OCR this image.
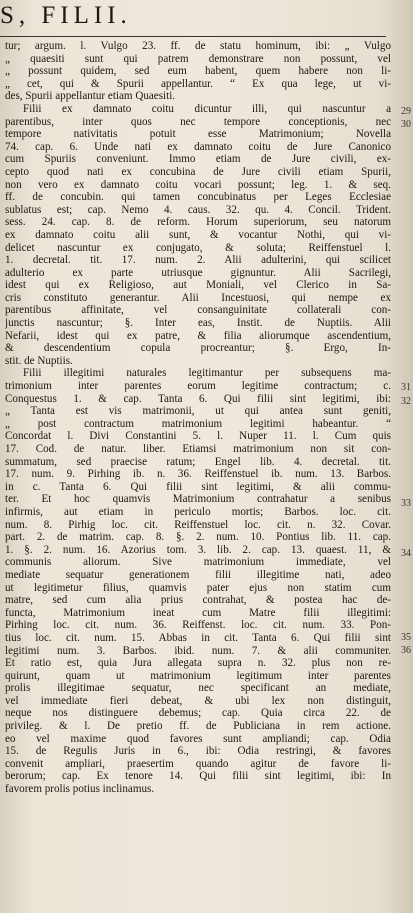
S, FILII.
tur; argum. l. Vulgo 23. ff. de statu hominum, ibi: „ Vulgo
„ quaesiti sunt qui patrem demonstrare non possunt, vel
„ possunt quidem, sed eum habent, quem habere non li-
„ cet, qui & Spurii appellantur. “ Ex qua lege, ut vi-
des, Spurii appellantur etiam Quaesiti.
Filii ex damnato coitu dicuntur illi, qui nascuntur a
parentibus, inter quos nec tempore conceptionis, nec
tempore nativitatis potuit esse Matrimonium; Novella
74. cap. 6. Unde nati ex damnato coitu de Jure Canonico
cum Spuriis conveniunt. Immo etiam de Jure civili, ex-
cepto quod nati ex concubina de Jure civili etiam Spurii,
non vero ex damnato coitu vocari possunt; leg. 1. & seq.
ff. de concubin. qui tamen concubinatus per Leges Ecclesiae
sublatus est; cap. Nemo 4. caus. 32. qu. 4. Concil. Trident.
sess. 24. cap. 8. de reform. Horum superiorum, seu natorum
ex damnato coitu alii sunt, & vocantur Nothi, qui vi-
delicet nascuntur ex conjugato, & soluta; Reiffenstuel l.
1. decretal. tit. 17. num. 2. Alii adulterini, qui scilicet
adulterio ex parte utriusque gignuntur. Alii Sacrilegi,
idest qui ex Religioso, aut Moniali, vel Clerico in Sa-
cris constituto generantur. Alii Incestuosi, qui nempe ex
parentibus affinitate, vel consanguinitate collaterali con-
junctis nascuntur; §. Inter eas, Instit. de Nuptiis. Alii
Nefarii, idest qui ex patre, & filia aliorumque ascendentium,
& descendentium copula procreantur; §. Ergo, In-
stit. de Nuptiis.
Filii illegitimi naturales legitimantur per subsequens ma-
trimonium inter parentes eorum legitime contractum; c.
Conquestus 1. & cap. Tanta 6. Qui filii sint legitimi, ibi:
„ Tanta est vis matrimonii, ut qui antea sunt geniti,
„ post contractum matrimonium legitimi habeantur. “
Concordat l. Divi Constantini 5. l. Nuper 11. l. Cum quis
17. Cod. de natur. liber. Etiamsi matrimonium non sit con-
summatum, sed praecise ratum; Engel lib. 4. decretal. tit.
17. num. 9. Pirhing ib. n. 36. Reiffenstuel ib. num. 13. Barbos.
in c. Tanta 6. Qui filii sint legitimi, & alii commu-
ter. Et hoc quamvis Matrimonium contrahatur a senibus
infirmis, aut etiam in periculo mortis; Barbos. loc. cit.
num. 8. Pirhig loc. cit. Reiffenstuel loc. cit. n. 32. Covar.
part. 2. de matrim. cap. 8. §. 2. num. 10. Pontius lib. 11. cap.
1. §. 2. num. 16. Azorius tom. 3. lib. 2. cap. 13. quaest. 11, &
communis aliorum. Sive matrimonium immediate, vel
mediate sequatur generationem filii illegitime nati, adeo
ut legitimetur filius, quamvis pater ejus non statim cum
matre, sed cum alia prius contrahat, & postea hac de-
functa, Matrimonium ineat cum Matre filii illegitimi:
Pirhing loc. cit. num. 36. Reiffenst. loc. cit. num. 33. Pon-
tius loc. cit. num. 15. Abbas in cit. Tanta 6. Qui filii sint
legitimi num. 3. Barbos. ibid. num. 7. & alii communiter.
Et ratio est, quia Jura allegata supra n. 32. plus non re-
quirunt, quam ut matrimonium legitimum inter parentes
prolis illegitimae sequatur, nec specificant an mediate,
vel immediate fieri debeat, & ubi lex non distinguit,
neque nos distinguere debemus; cap. Quia circa 22. de
privileg. & l. De pretio ff. de Publiciana in rem actione.
eo vel maxime quod favores sunt ampliandi; cap. Odia
15. de Regulis Juris in 6., ibi: Odia restringi, & favores
convenit ampliari, praesertim quando agitur de favore li-
berorum; cap. Ex tenore 14. Qui filii sint legitimi, ibi: In
favorem prolis potius inclinamus.
29
30
31
32
33
34
35
36
